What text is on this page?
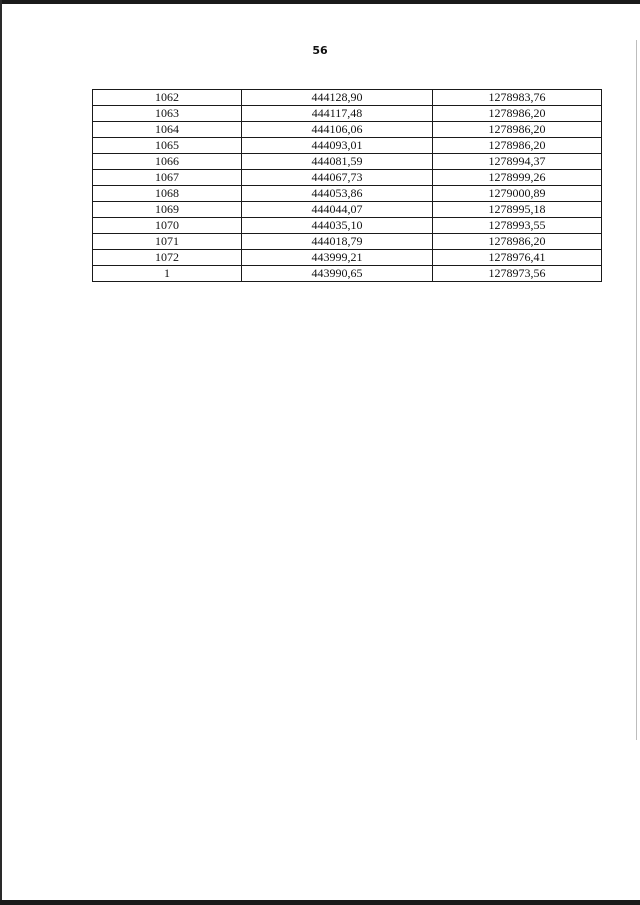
56
1062	444128,90	1278983,76
1063	444117,48	1278986,20
1064	444106,06	1278986,20
1065	444093,01	1278986,20
1066	444081,59	1278994,37
1067	444067,73	1278999,26
1068	444053,86	1279000,89
1069	444044,07	1278995,18
1070	444035,10	1278993,55
1071	444018,79	1278986,20
1072	443999,21	1278976,41
1	443990,65	1278973,56
